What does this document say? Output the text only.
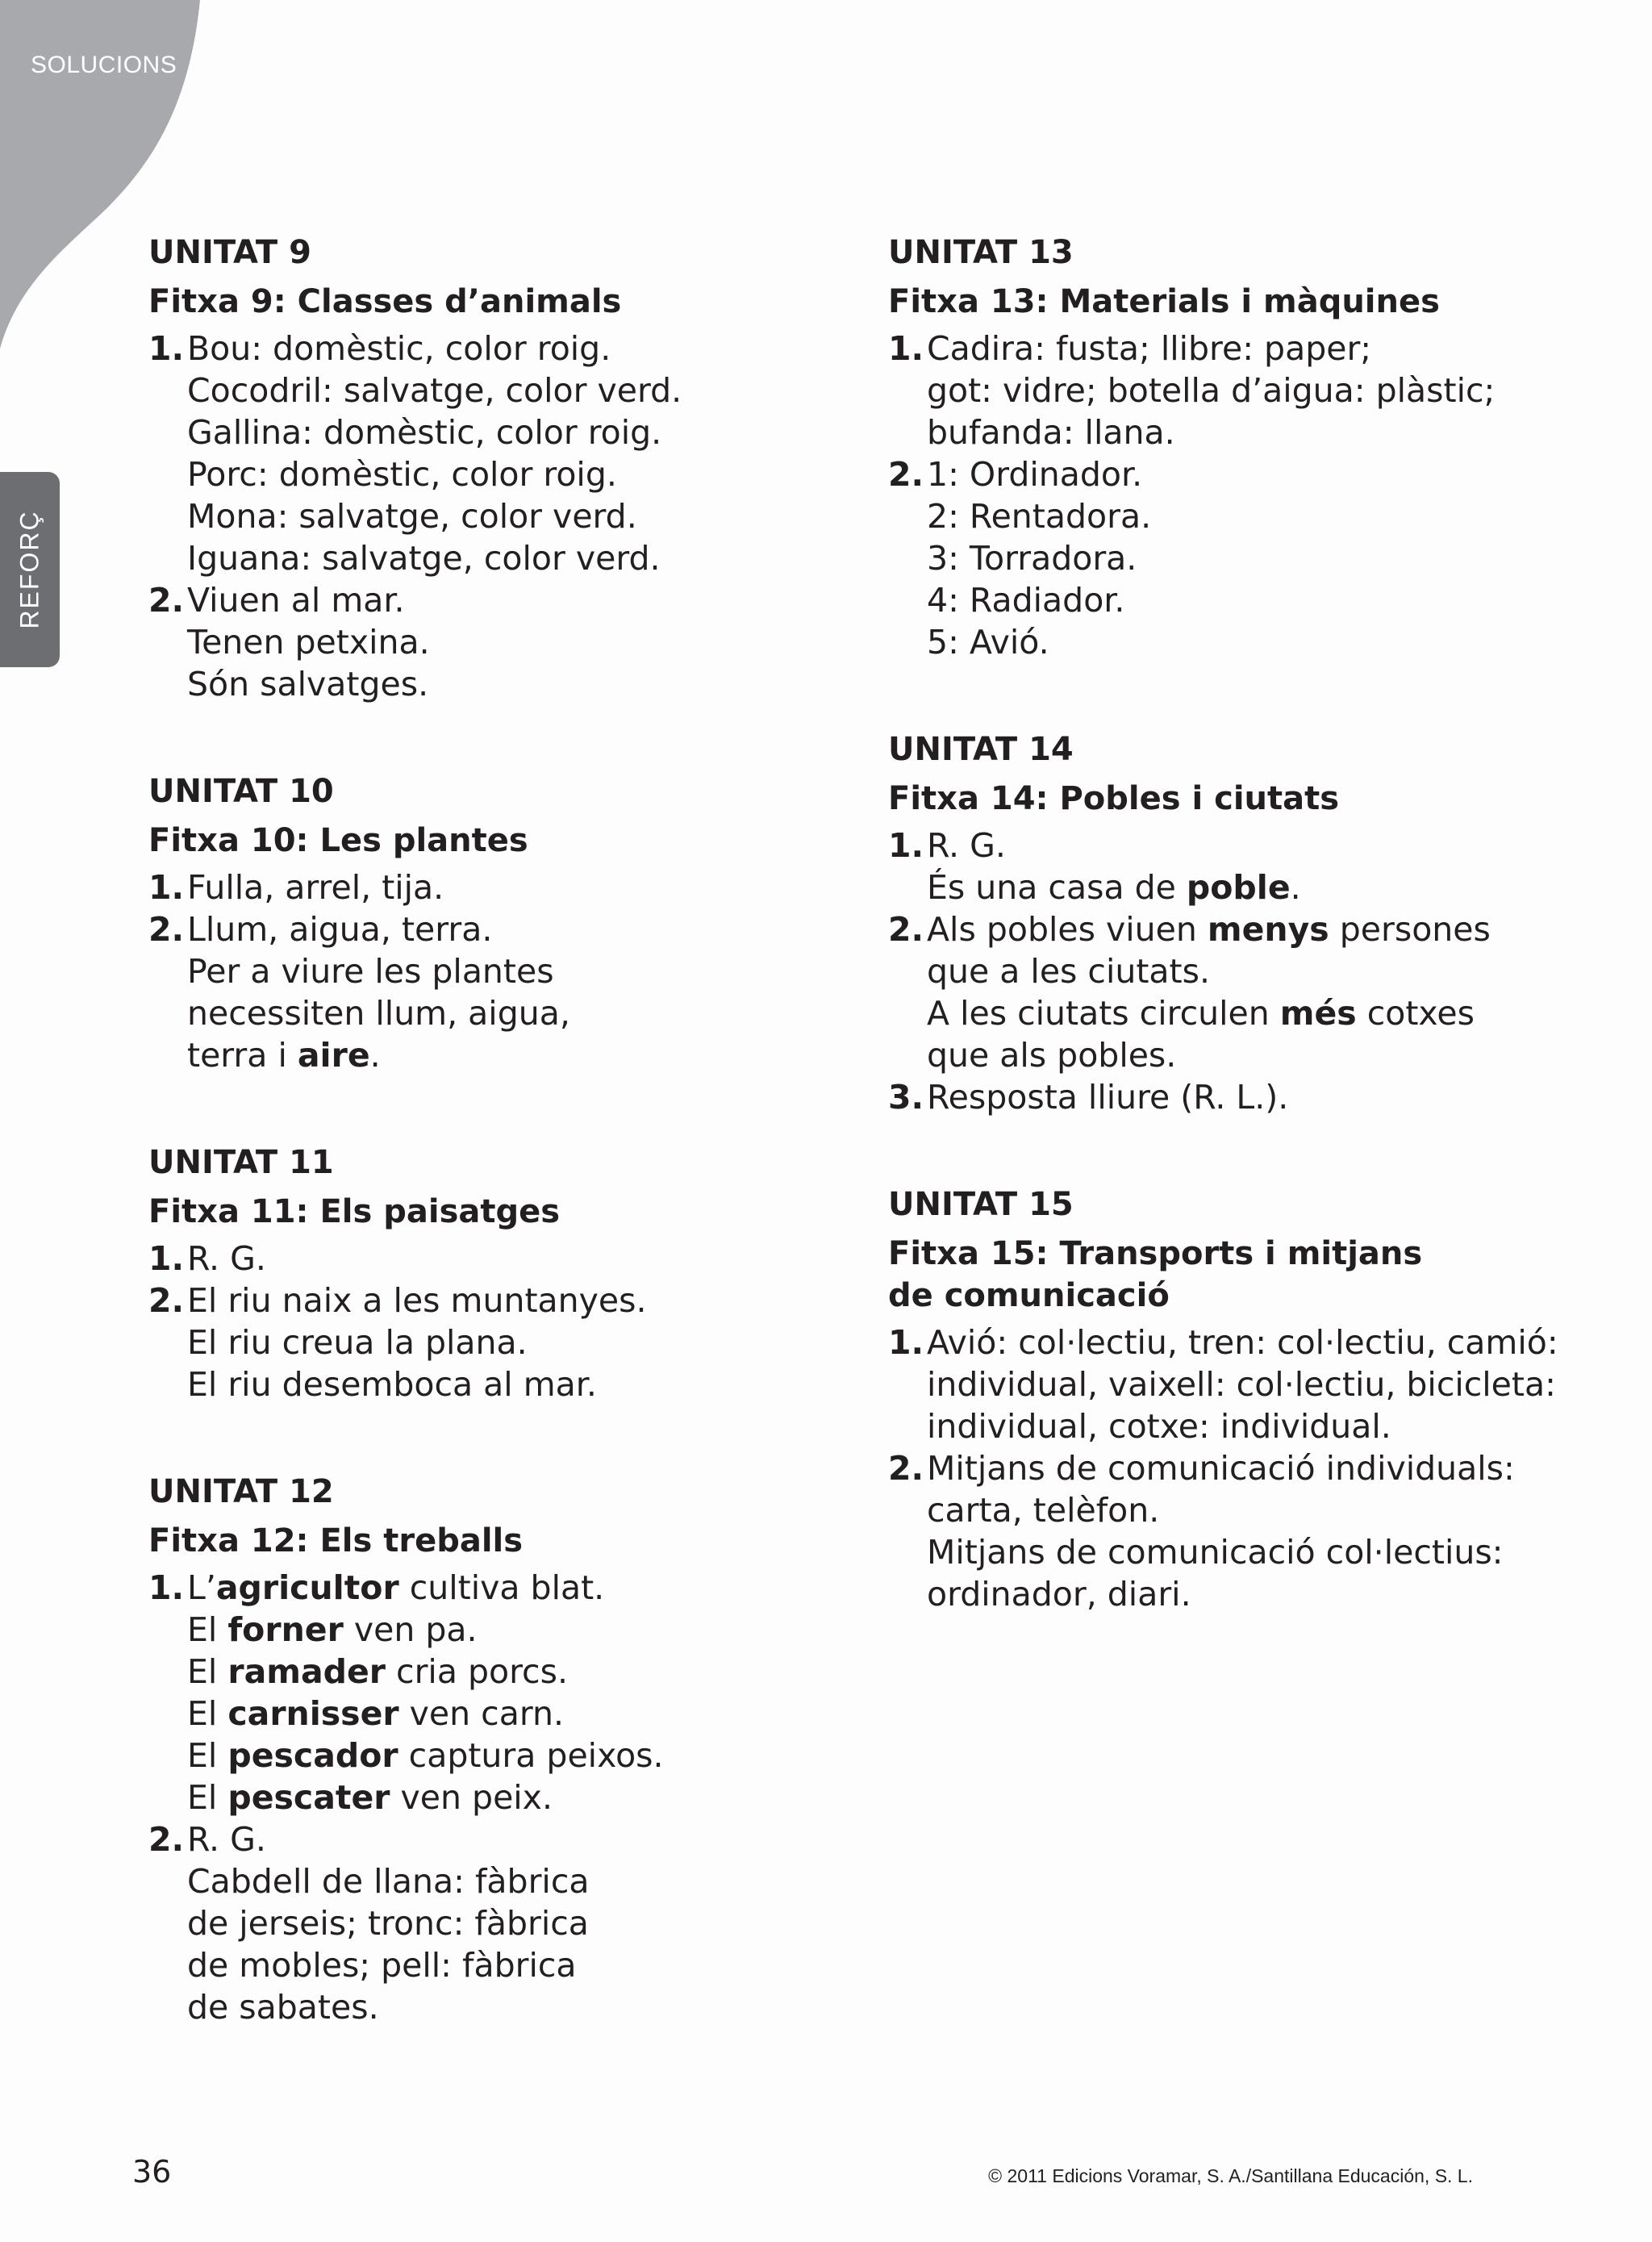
SOLUCIONS
REFORÇ
UNITAT 9
Fitxa 9: Classes d’animals
1. Bou: domèstic, color roig.
Cocodril: salvatge, color verd.
Gallina: domèstic, color roig.
Porc: domèstic, color roig.
Mona: salvatge, color verd.
Iguana: salvatge, color verd.
2. Viuen al mar.
Tenen petxina.
Són salvatges.
UNITAT 10
Fitxa 10: Les plantes
1. Fulla, arrel, tija.
2. Llum, aigua, terra.
Per a viure les plantes
necessiten llum, aigua,
terra i aire.
UNITAT 11
Fitxa 11: Els paisatges
1. R. G.
2. El riu naix a les muntanyes.
El riu creua la plana.
El riu desemboca al mar.
UNITAT 12
Fitxa 12: Els treballs
1. L’agricultor cultiva blat.
El forner ven pa.
El ramader cria porcs.
El carnisser ven carn.
El pescador captura peixos.
El pescater ven peix.
2. R. G.
Cabdell de llana: fàbrica
de jerseis; tronc: fàbrica
de mobles; pell: fàbrica
de sabates.
UNITAT 13
Fitxa 13: Materials i màquines
1. Cadira: fusta; llibre: paper;
got: vidre; botella d’aigua: plàstic;
bufanda: llana.
2. 1: Ordinador.
2: Rentadora.
3: Torradora.
4: Radiador.
5: Avió.
UNITAT 14
Fitxa 14: Pobles i ciutats
1. R. G.
És una casa de poble.
2. Als pobles viuen menys persones
que a les ciutats.
A les ciutats circulen més cotxes
que als pobles.
3. Resposta lliure (R. L.).
UNITAT 15
Fitxa 15: Transports i mitjans
de comunicació
1. Avió: col·lectiu, tren: col·lectiu, camió:
individual, vaixell: col·lectiu, bicicleta:
individual, cotxe: individual.
2. Mitjans de comunicació individuals:
carta, telèfon.
Mitjans de comunicació col·lectius:
ordinador, diari.
36	© 2011 Edicions Voramar, S. A./Santillana Educación, S. L.
